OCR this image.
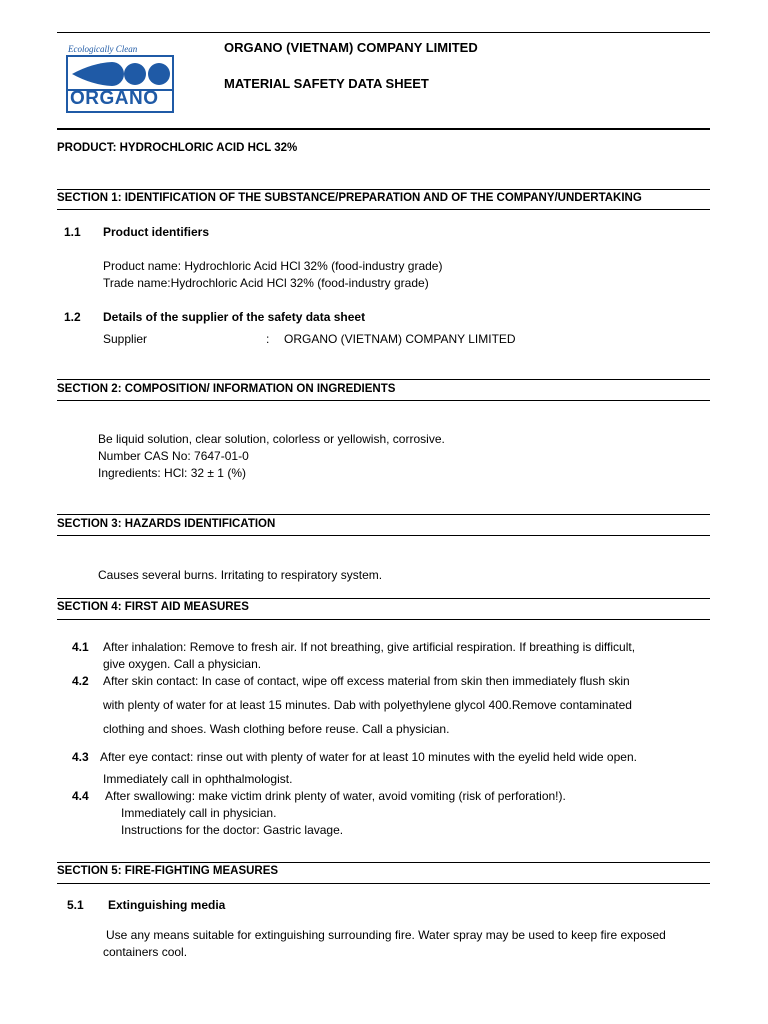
Ecologically Clean
ORGANO
ORGANO (VIETNAM) COMPANY LIMITED
MATERIAL SAFETY DATA SHEET
PRODUCT: HYDROCHLORIC ACID HCL 32%
SECTION 1: IDENTIFICATION OF THE SUBSTANCE/PREPARATION AND OF THE COMPANY/UNDERTAKING
1.1 Product identifiers
Product name: Hydrochloric Acid HCl 32% (food-industry grade)
Trade name:Hydrochloric Acid HCl 32% (food-industry grade)
1.2 Details of the supplier of the safety data sheet
Supplier	: ORGANO (VIETNAM) COMPANY LIMITED
SECTION 2: COMPOSITION/ INFORMATION ON INGREDIENTS
Be liquid solution, clear solution, colorless or yellowish, corrosive.
Number CAS No: 7647-01-0
Ingredients: HCl: 32 ± 1 (%)
SECTION 3: HAZARDS IDENTIFICATION
Causes several burns. Irritating to respiratory system.
SECTION 4: FIRST AID MEASURES
4.1 After inhalation: Remove to fresh air. If not breathing, give artificial respiration. If breathing is difficult,
give oxygen. Call a physician.
4.2 After skin contact: In case of contact, wipe off excess material from skin then immediately flush skin
with plenty of water for at least 15 minutes. Dab with polyethylene glycol 400.Remove contaminated
clothing and shoes. Wash clothing before reuse. Call a physician.
4.3 After eye contact: rinse out with plenty of water for at least 10 minutes with the eyelid held wide open.
Immediately call in ophthalmologist.
4.4 After swallowing: make victim drink plenty of water, avoid vomiting (risk of perforation!).
Immediately call in physician.
Instructions for the doctor: Gastric lavage.
SECTION 5: FIRE-FIGHTING MEASURES
5.1 Extinguishing media
Use any means suitable for extinguishing surrounding fire. Water spray may be used to keep fire exposed
containers cool.
